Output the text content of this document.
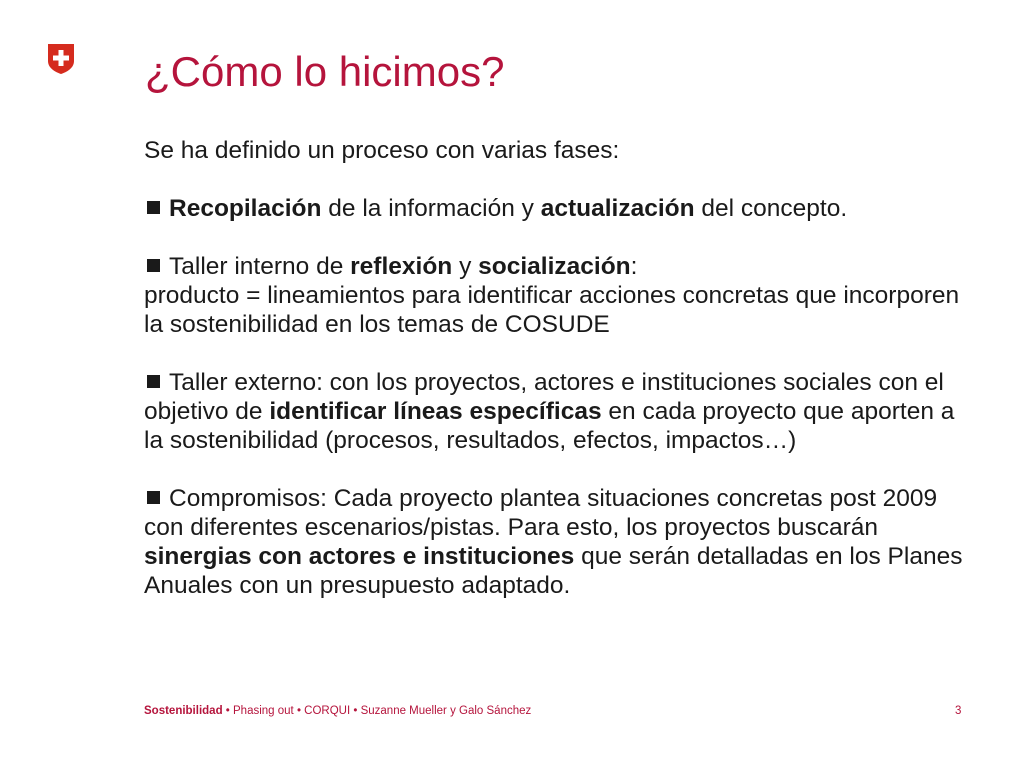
¿Cómo lo hicimos?

Se ha definido un proceso con varias fases:

Recopilación de la información y actualización del concepto.

Taller interno de reflexión y socialización:
producto = lineamientos para identificar acciones concretas que incorporen la sostenibilidad en los temas de COSUDE

Taller externo: con los proyectos, actores e instituciones sociales con el objetivo de identificar líneas específicas en cada proyecto que aporten a la sostenibilidad (procesos, resultados, efectos, impactos…)

Compromisos: Cada proyecto plantea situaciones concretas post 2009 con diferentes escenarios/pistas. Para esto, los proyectos buscarán sinergias con actores e instituciones que serán detalladas en los Planes Anuales con un presupuesto adaptado.

Sostenibilidad • Phasing out • CORQUI • Suzanne Mueller y Galo Sánchez	3
